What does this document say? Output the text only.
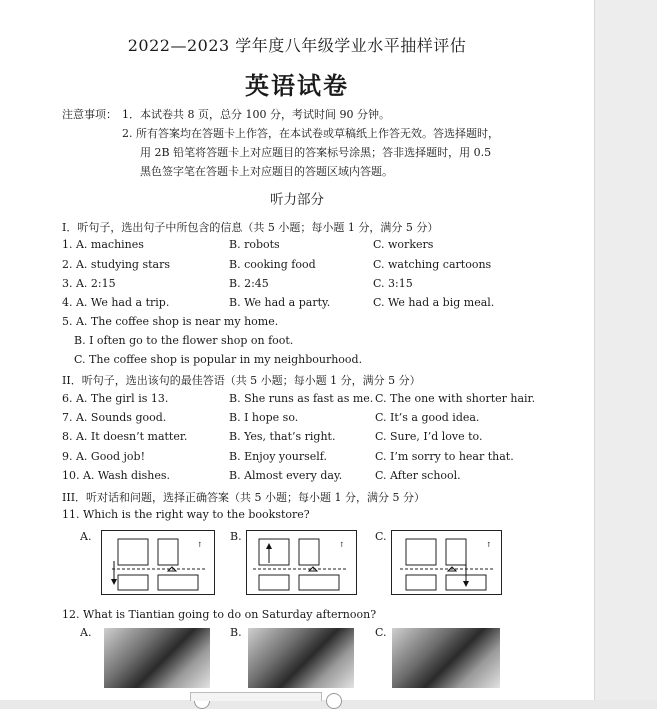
2022—2023 学年度八年级学业水平抽样评估
英语试卷
注意事项： 1．本试卷共 8 页，总分 100 分，考试时间 90 分钟。
2. 所有答案均在答题卡上作答，在本试卷或草稿纸上作答无效。答选择题时，
用 2B 铅笔将答题卡上对应题目的答案标号涂黑；答非选择题时，用 0.5
黑色签字笔在答题卡上对应题目的答题区域内答题。
听力部分
I．听句子，选出句子中所包含的信息（共 5 小题；每小题 1 分，满分 5 分）
1. A. machines	B. robots	C. workers
2. A. studying stars	B. cooking food	C. watching cartoons
3. A. 2:15	B. 2:45	C. 3:15
4. A. We had a trip.	B. We had a party.	C. We had a big meal.
5. A. The coffee shop is near my home.
B. I often go to the flower shop on foot.
C. The coffee shop is popular in my neighbourhood.
II．听句子，选出该句的最佳答语（共 5 小题；每小题 1 分，满分 5 分）
6. A. The girl is 13.	B. She runs as fast as me. C. The one with shorter hair.
7. A. Sounds good.	B. I hope so.	C. It’s a good idea.
8. A. It doesn’t matter.	B. Yes, that’s right.	C. Sure, I’d love to.
9. A. Good job!	B. Enjoy yourself.	C. I’m sorry to hear that.
10. A. Wash dishes.	B. Almost every day.	C. After school.
III．听对话和问题，选择正确答案（共 5 小题；每小题 1 分，满分 5 分）
11. Which is the right way to the bookstore?
A.	B.	C.
↑	↑	↑
12. What is Tiantian going to do on Saturday afternoon?
A.	B.	C.
